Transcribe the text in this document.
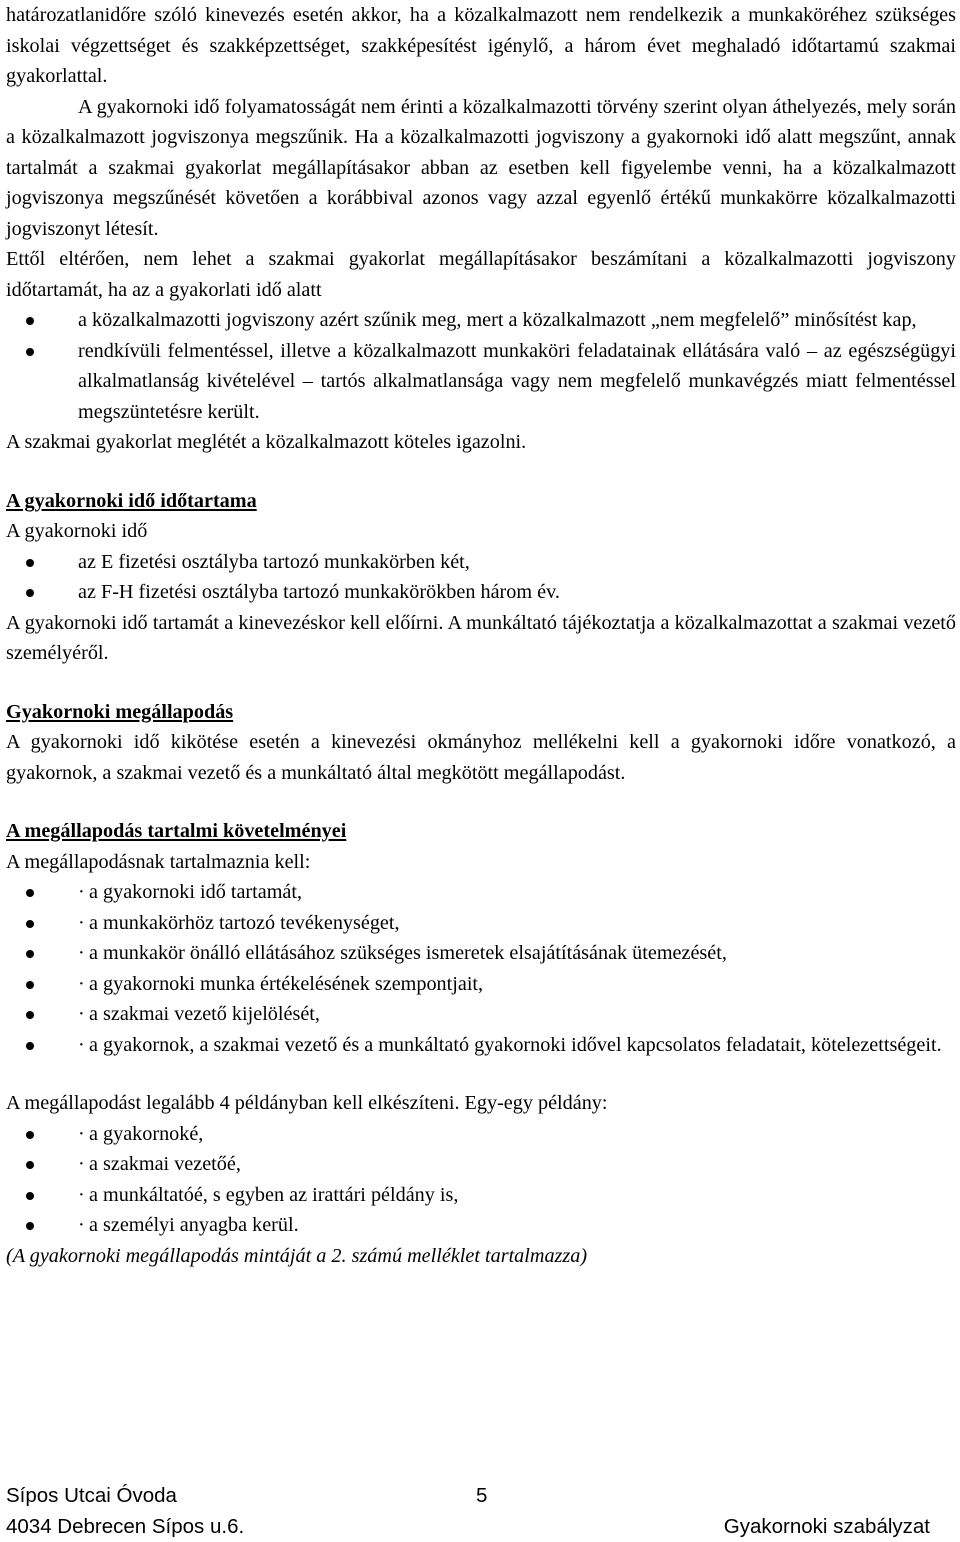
határozatlanidőre szóló kinevezés esetén akkor, ha a közalkalmazott nem rendelkezik a munkaköréhez szükséges iskolai végzettséget és szakképzettséget, szakképesítést igénylő, a három évet meghaladó időtartamú szakmai gyakorlattal.

A gyakornoki idő folyamatosságát nem érinti a közalkalmazotti törvény szerint olyan áthelyezés, mely során a közalkalmazott jogviszonya megszűnik. Ha a közalkalmazotti jogviszony a gyakornoki idő alatt megszűnt, annak tartalmát a szakmai gyakorlat megállapításakor abban az esetben kell figyelembe venni, ha a közalkalmazott jogviszonya megszűnését követően a korábbival azonos vagy azzal egyenlő értékű munkakörre közalkalmazotti jogviszonyt létesít.

Ettől eltérően, nem lehet a szakmai gyakorlat megállapításakor beszámítani a közalkalmazotti jogviszony időtartamát, ha az a gyakorlati idő alatt

a közalkalmazotti jogviszony azért szűnik meg, mert a közalkalmazott „nem megfelelő” minősítést kap,
rendkívüli felmentéssel, illetve a közalkalmazott munkaköri feladatainak ellátására való – az egészségügyi alkalmatlanság kivételével – tartós alkalmatlansága vagy nem megfelelő munkavégzés miatt felmentéssel megszüntetésre került.

A szakmai gyakorlat meglétét a közalkalmazott köteles igazolni.

A gyakornoki idő időtartama

A gyakornoki idő

az E fizetési osztályba tartozó munkakörben két,
az F-H fizetési osztályba tartozó munkakörökben három év.

A gyakornoki idő tartamát a kinevezéskor kell előírni. A munkáltató tájékoztatja a közalkalmazottat a szakmai vezető személyéről.

Gyakornoki megállapodás

A gyakornoki idő kikötése esetén a kinevezési okmányhoz mellékelni kell a gyakornoki időre vonatkozó, a gyakornok, a szakmai vezető és a munkáltató által megkötött megállapodást.

A megállapodás tartalmi követelményei

A megállapodásnak tartalmaznia kell:

· a gyakornoki idő tartamát,
· a munkakörhöz tartozó tevékenységet,
· a munkakör önálló ellátásához szükséges ismeretek elsajátításának ütemezését,
· a gyakornoki munka értékelésének szempontjait,
· a szakmai vezető kijelölését,
· a gyakornok, a szakmai vezető és a munkáltató gyakornoki idővel kapcsolatos feladatait, kötelezettségeit.

A megállapodást legalább 4 példányban kell elkészíteni. Egy-egy példány:

· a gyakornoké,
· a szakmai vezetőé,
· a munkáltatóé, s egyben az irattári példány is,
· a személyi anyagba kerül.

(A gyakornoki megállapodás mintáját a 2. számú melléklet tartalmazza)

Sípos Utcai Óvoda	5
4034 Debrecen Sípos u.6.	Gyakornoki szabályzat
